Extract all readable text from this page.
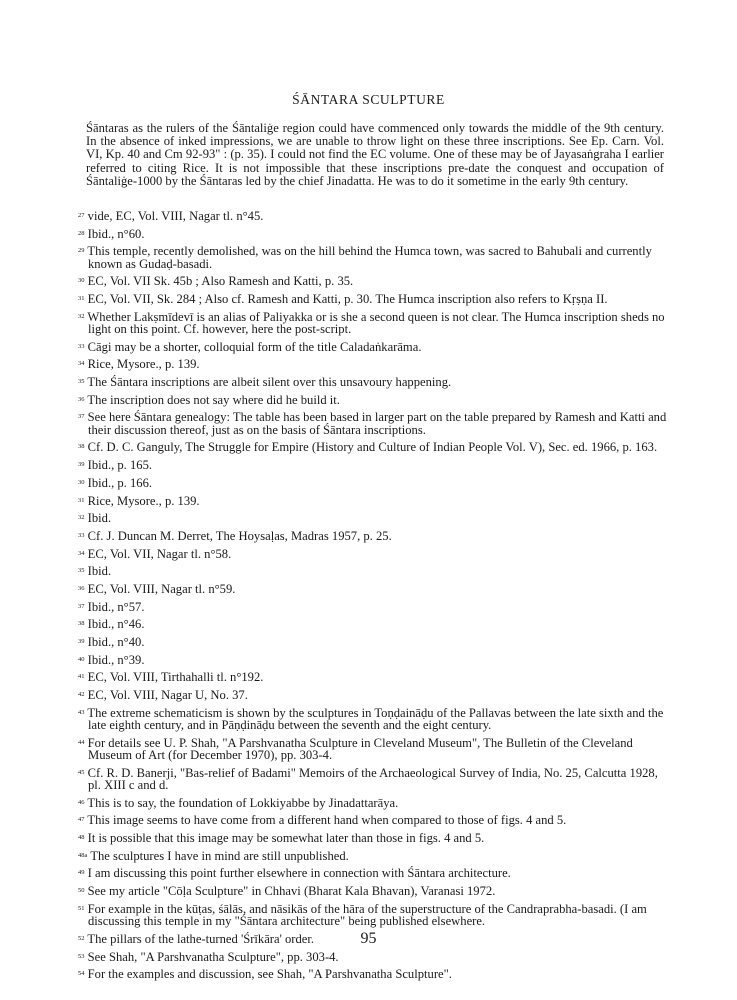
ŚĀNTARA SCULPTURE
Śāntaras as the rulers of the Śāntaliġe region could have commenced only towards the middle of the 9th century. In the absence of inked impressions, we are unable to throw light on these three inscriptions. See Ep. Carn. Vol. VI, Kp. 40 and Cm 92-93" : (p. 35). I could not find the EC volume. One of these may be of Jayasaṅgraha I earlier referred to citing Rice. It is not impossible that these inscriptions pre-date the conquest and occupation of Śāntaliġe-1000 by the Śāntaras led by the chief Jinadatta. He was to do it sometime in the early 9th century.
$^{27}$ vide, EC, Vol. VIII, Nagar tl. n°45.
$^{28}$ Ibid., n°60.
$^{29}$ This temple, recently demolished, was on the hill behind the Humca town, was sacred to Bahubali and currently known as Gudaḍ-basadi.
$^{30}$ EC, Vol. VII Sk. 45b ; Also Ramesh and Katti, p. 35.
$^{31}$ EC, Vol. VII, Sk. 284 ; Also cf. Ramesh and Katti, p. 30. The Humca inscription also refers to Kṛṣṇa II.
$^{32}$ Whether Lakṣmīdevī is an alias of Paliyakka or is she a second queen is not clear. The Humca inscription sheds no light on this point. Cf. however, here the post-script.
$^{33}$ Cāgi may be a shorter, colloquial form of the title Caladaṅkarāma.
$^{34}$ Rice, Mysore., p. 139.
$^{35}$ The Śāntara inscriptions are albeit silent over this unsavoury happening.
$^{36}$ The inscription does not say where did he build it.
$^{37}$ See here Śāntara genealogy: The table has been based in larger part on the table prepared by Ramesh and Katti and their discussion thereof, just as on the basis of Śāntara inscriptions.
$^{38}$ Cf. D. C. Ganguly, The Struggle for Empire (History and Culture of Indian People Vol. V), Sec. ed. 1966, p. 163.
$^{39}$ Ibid., p. 165.
$^{30}$ Ibid., p. 166.
$^{31}$ Rice, Mysore., p. 139.
$^{32}$ Ibid.
$^{33}$ Cf. J. Duncan M. Derret, The Hoysaḷas, Madras 1957, p. 25.
$^{34}$ EC, Vol. VII, Nagar tl. n°58.
$^{35}$ Ibid.
$^{36}$ EC, Vol. VIII, Nagar tl. n°59.
$^{37}$ Ibid., n°57.
$^{38}$ Ibid., n°46.
$^{39}$ Ibid., n°40.
$^{40}$ Ibid., n°39.
$^{41}$ EC, Vol. VIII, Tirthahalli tl. n°192.
$^{42}$ EC, Vol. VIII, Nagar U, No. 37.
$^{43}$ The extreme schematicism is shown by the sculptures in Toṇḍaināḍu of the Pallavas between the late sixth and the late eighth century, and in Pāṇḍināḍu between the seventh and the eight century.
$^{44}$ For details see U. P. Shah, "A Parshvanatha Sculpture in Cleveland Museum", The Bulletin of the Cleveland Museum of Art (for December 1970), pp. 303-4.
$^{45}$ Cf. R. D. Banerji, "Bas-relief of Badami" Memoirs of the Archaeological Survey of India, No. 25, Calcutta 1928, pl. XIII c and d.
$^{46}$ This is to say, the foundation of Lokkiyabbe by Jinadattarāya.
$^{47}$ This image seems to have come from a different hand when compared to those of figs. 4 and 5.
$^{48}$ It is possible that this image may be somewhat later than those in figs. 4 and 5.
$^{48a}$ The sculptures I have in mind are still unpublished.
$^{49}$ I am discussing this point further elsewhere in connection with Śāntara architecture.
$^{50}$ See my article "Cōḷa Sculpture" in Chhavi (Bharat Kala Bhavan), Varanasi 1972.
$^{51}$ For example in the kūṭas, śālās, and nāsikās of the hāra of the superstructure of the Candraprabha-basadi. (I am discussing this temple in my "Śāntara architecture" being published elsewhere.
$^{52}$ The pillars of the lathe-turned 'Śrīkāra' order.
$^{53}$ See Shah, "A Parshvanatha Sculpture", pp. 303-4.
$^{54}$ For the examples and discussion, see Shah, "A Parshvanatha Sculpture".
95
